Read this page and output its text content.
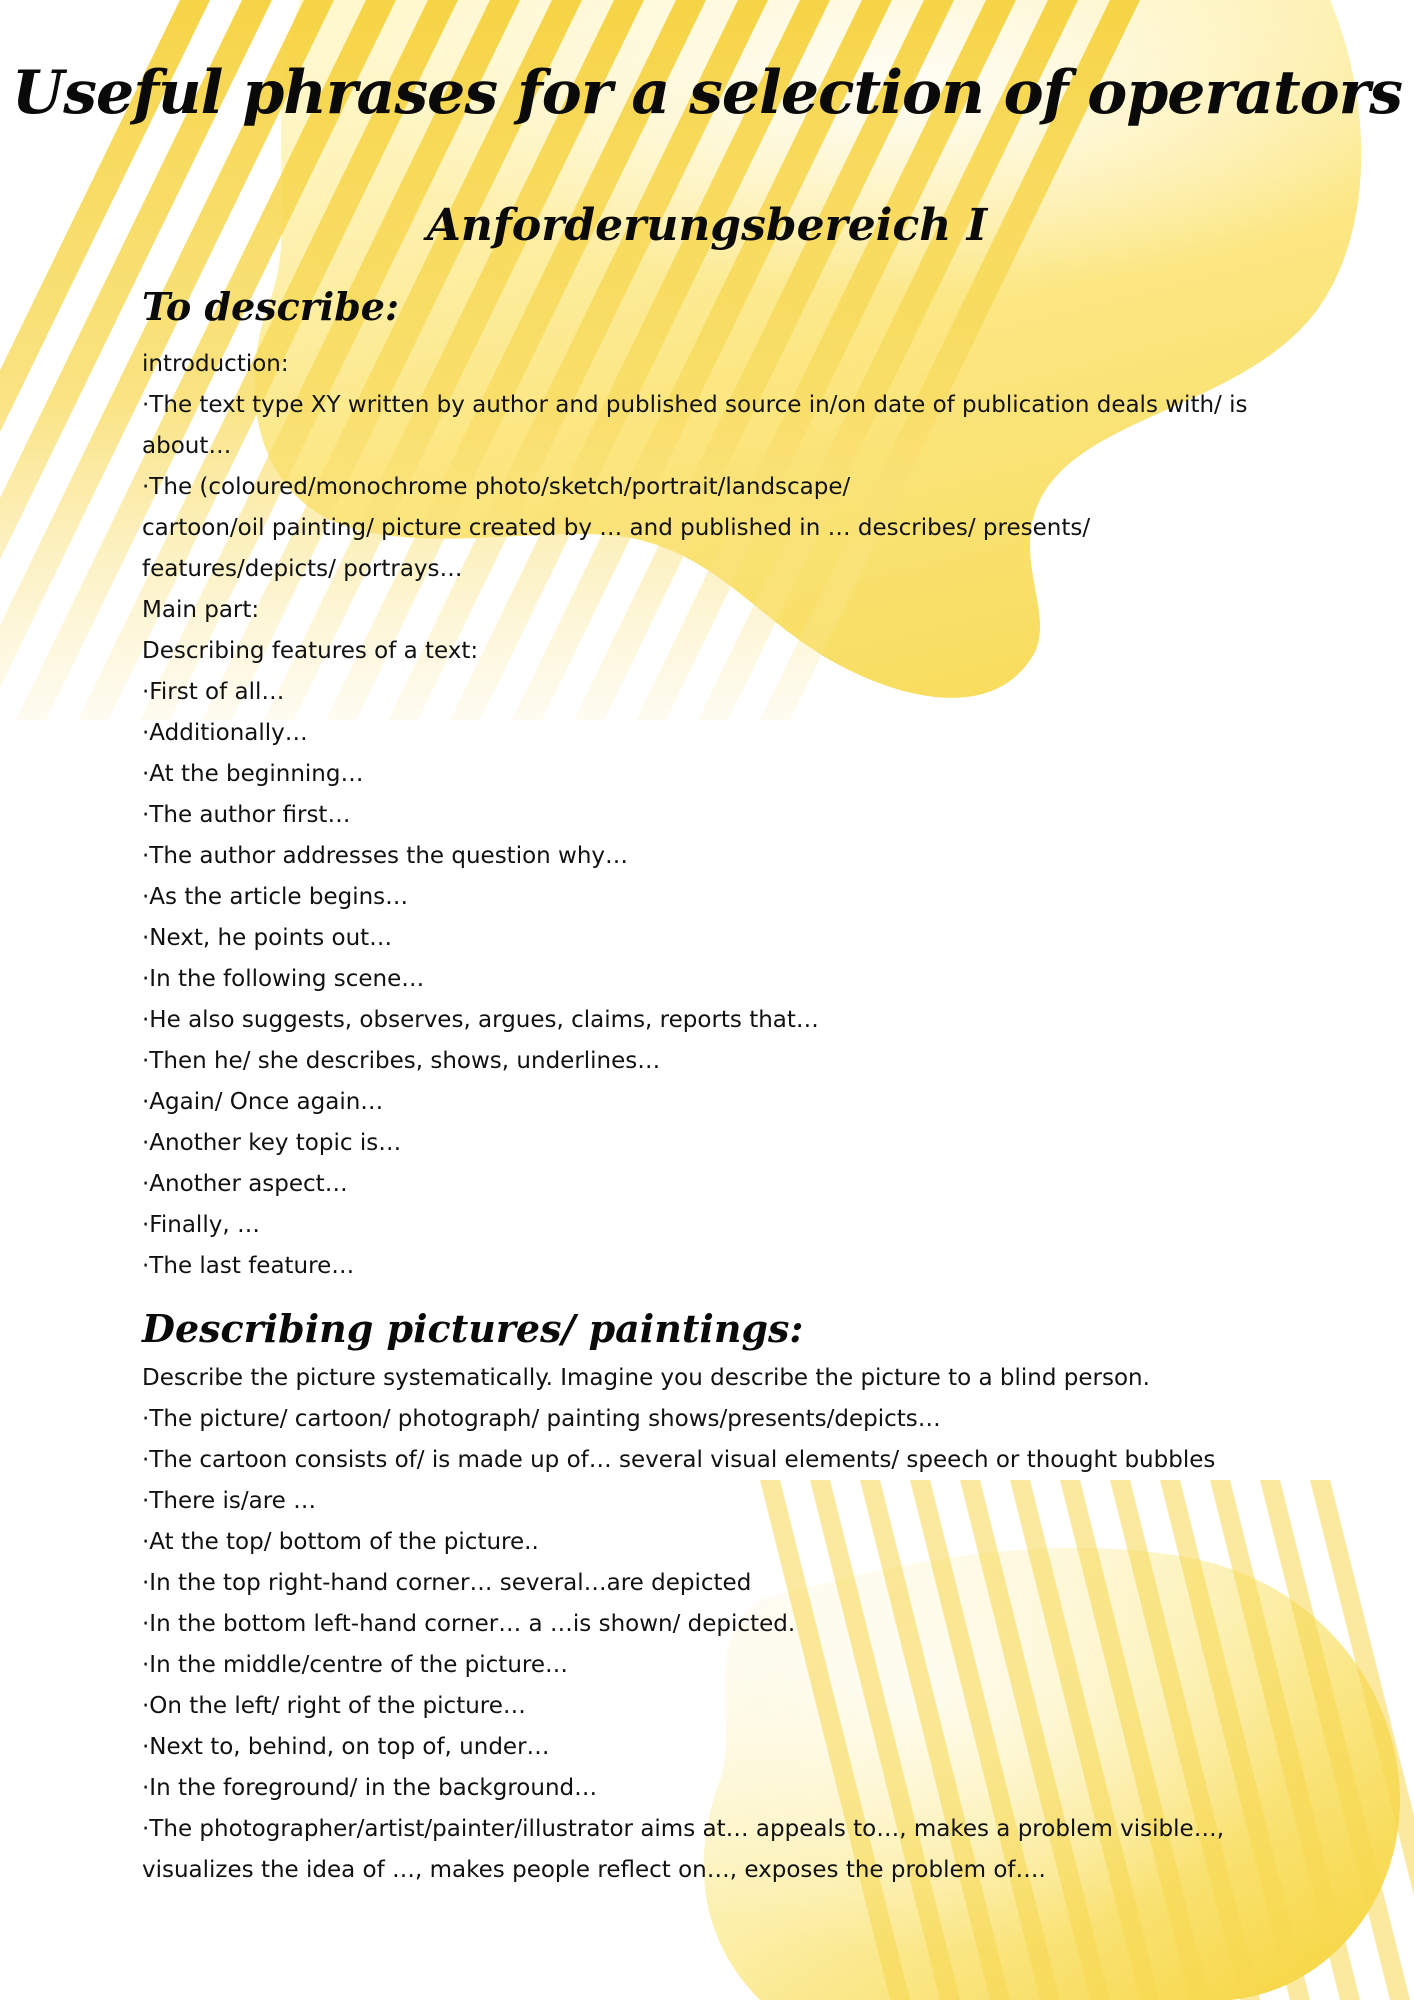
Useful phrases for a selection of operators
Anforderungsbereich I
To describe:
introduction:
·The text type XY written by author and published source in/on date of publication deals with/ is
about…
·The (coloured/monochrome photo/sketch/portrait/landscape/
cartoon/oil painting/ picture created by … and published in … describes/ presents/
features/depicts/ portrays…
Main part:
Describing features of a text:
·First of all…
·Additionally…
·At the beginning…
·The author first…
·The author addresses the question why…
·As the article begins…
·Next, he points out…
·In the following scene…
·He also suggests, observes, argues, claims, reports that…
·Then he/ she describes, shows, underlines…
·Again/ Once again…
·Another key topic is…
·Another aspect…
·Finally, …
·The last feature…
Describing pictures/ paintings:
Describe the picture systematically. Imagine you describe the picture to a blind person.
·The picture/ cartoon/ photograph/ painting shows/presents/depicts…
·The cartoon consists of/ is made up of… several visual elements/ speech or thought bubbles
·There is/are …
·At the top/ bottom of the picture..
·In the top right-hand corner… several…are depicted
·In the bottom left-hand corner… a …is shown/ depicted.
·In the middle/centre of the picture…
·On the left/ right of the picture…
·Next to, behind, on top of, under…
·In the foreground/ in the background…
·The photographer/artist/painter/illustrator aims at… appeals to…, makes a problem visible…,
visualizes the idea of …, makes people reflect on…, exposes the problem of….
